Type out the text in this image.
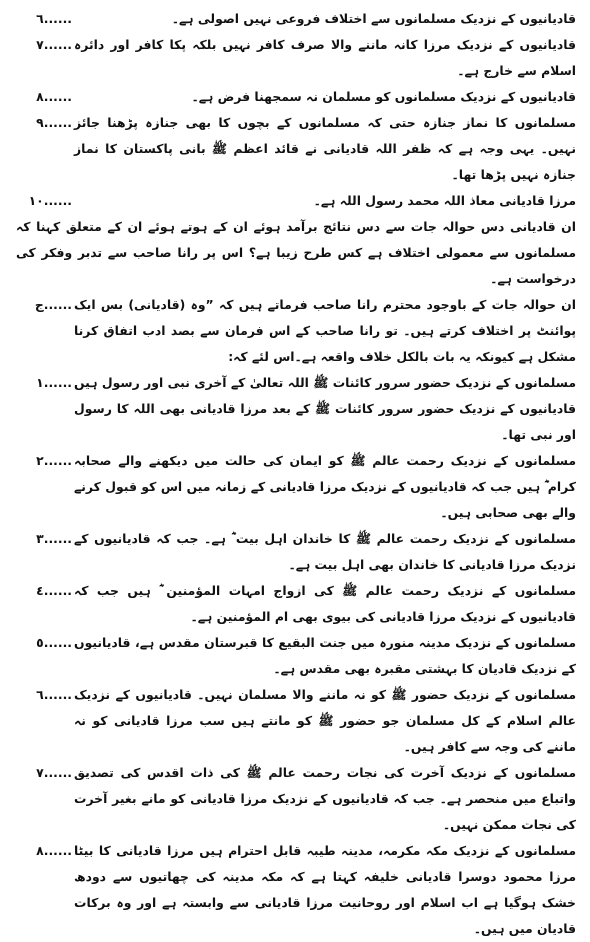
٦......	قادیانیوں کے نزدیک مسلمانوں سے اختلاف فروعی نہیں اصولی ہے۔
٧...... قادیانیوں کے نزدیک مرزا کانہ ماننے والا صرف کافر نہیں بلکہ پکا کافر اور دائرہ اسلام سے خارج ہے۔
٨......	قادیانیوں کے نزدیک مسلمانوں کو مسلمان نہ سمجھنا فرض ہے۔
٩...... مسلمانوں کا نماز جنازہ حتی کہ مسلمانوں کے بچوں کا بھی جنازہ پڑھنا جائز نہیں۔ یہی وجہ ہے کہ ظفر اللہ قادیانی نے قائد اعظم ﷺ بانی پاکستان کا نماز جنازہ نہیں پڑھا تھا۔
١٠......	مرزا قادیانی معاذ اللہ محمد رسول اللہ ہے۔
ان قادیانی دس حوالہ جات سے دس نتائج برآمد ہوئے ان کے ہوتے ہوئے ان کے متعلق کہنا کہ مسلمانوں سے معمولی اختلاف ہے کس طرح زیبا ہے؟ اس پر رانا صاحب سے تدبر وفکر کی درخواست ہے۔
ج...... ان حوالہ جات کے باوجود محترم رانا صاحب فرماتے ہیں کہ ”وہ (قادیانی) بس ایک پوائنٹ پر اختلاف کرتے ہیں۔ تو رانا صاحب کے اس فرمان سے بصد ادب اتفاق کرنا مشکل ہے کیونکہ یہ بات بالکل خلاف واقعہ ہے۔اس لئے کہ:
١...... مسلمانوں کے نزدیک حضور سرور کائنات ﷺ اللہ تعالیٰ کے آخری نبی اور رسول ہیں قادیانیوں کے نزدیک حضور سرور کائنات ﷺ کے بعد مرزا قادیانی بھی اللہ کا رسول اور نبی تھا۔
٢...... مسلمانوں کے نزدیک رحمت عالم ﷺ کو ایمان کی حالت میں دیکھنے والے صحابہ کرام ؓ ہیں جب کہ قادیانیوں کے نزدیک مرزا قادیانی کے زمانہ میں اس کو قبول کرنے والے بھی صحابی ہیں۔
٣...... مسلمانوں کے نزدیک رحمت عالم ﷺ کا خاندان اہل بیت ؓ ہے۔ جب کہ قادیانیوں کے نزدیک مرزا قادیانی کا خاندان بھی اہل بیت ہے۔
٤...... مسلمانوں کے نزدیک رحمت عالم ﷺ کی ازواج امہات المؤمنین ؓ ہیں جب کہ قادیانیوں کے نزدیک مرزا قادیانی کی بیوی بھی ام المؤمنین ہے۔
٥...... مسلمانوں کے نزدیک مدینہ منورہ میں جنت البقیع کا قبرستان مقدس ہے، قادیانیوں کے نزدیک قادیان کا بہشتی مقبرہ بھی مقدس ہے۔
٦...... مسلمانوں کے نزدیک حضور ﷺ کو نہ ماننے والا مسلمان نہیں۔ قادیانیوں کے نزدیک عالم اسلام کے کل مسلمان جو حضور ﷺ کو مانتے ہیں سب مرزا قادیانی کو نہ ماننے کی وجہ سے کافر ہیں۔
٧...... مسلمانوں کے نزدیک آخرت کی نجات رحمت عالم ﷺ کی ذات اقدس کی تصدیق واتباع میں منحصر ہے۔ جب کہ قادیانیوں کے نزدیک مرزا قادیانی کو مانے بغیر آخرت کی نجات ممکن نہیں۔
٨...... مسلمانوں کے نزدیک مکہ مکرمہ، مدینہ طیبہ قابل احترام ہیں مرزا قادیانی کا بیٹا مرزا محمود دوسرا قادیانی خلیفہ کہتا ہے کہ مکہ مدینہ کی چھاتیوں سے دودھ خشک ہوگیا ہے اب اسلام اور روحانیت مرزا قادیانی سے وابستہ ہے اور وہ برکات قادیان میں ہیں۔
